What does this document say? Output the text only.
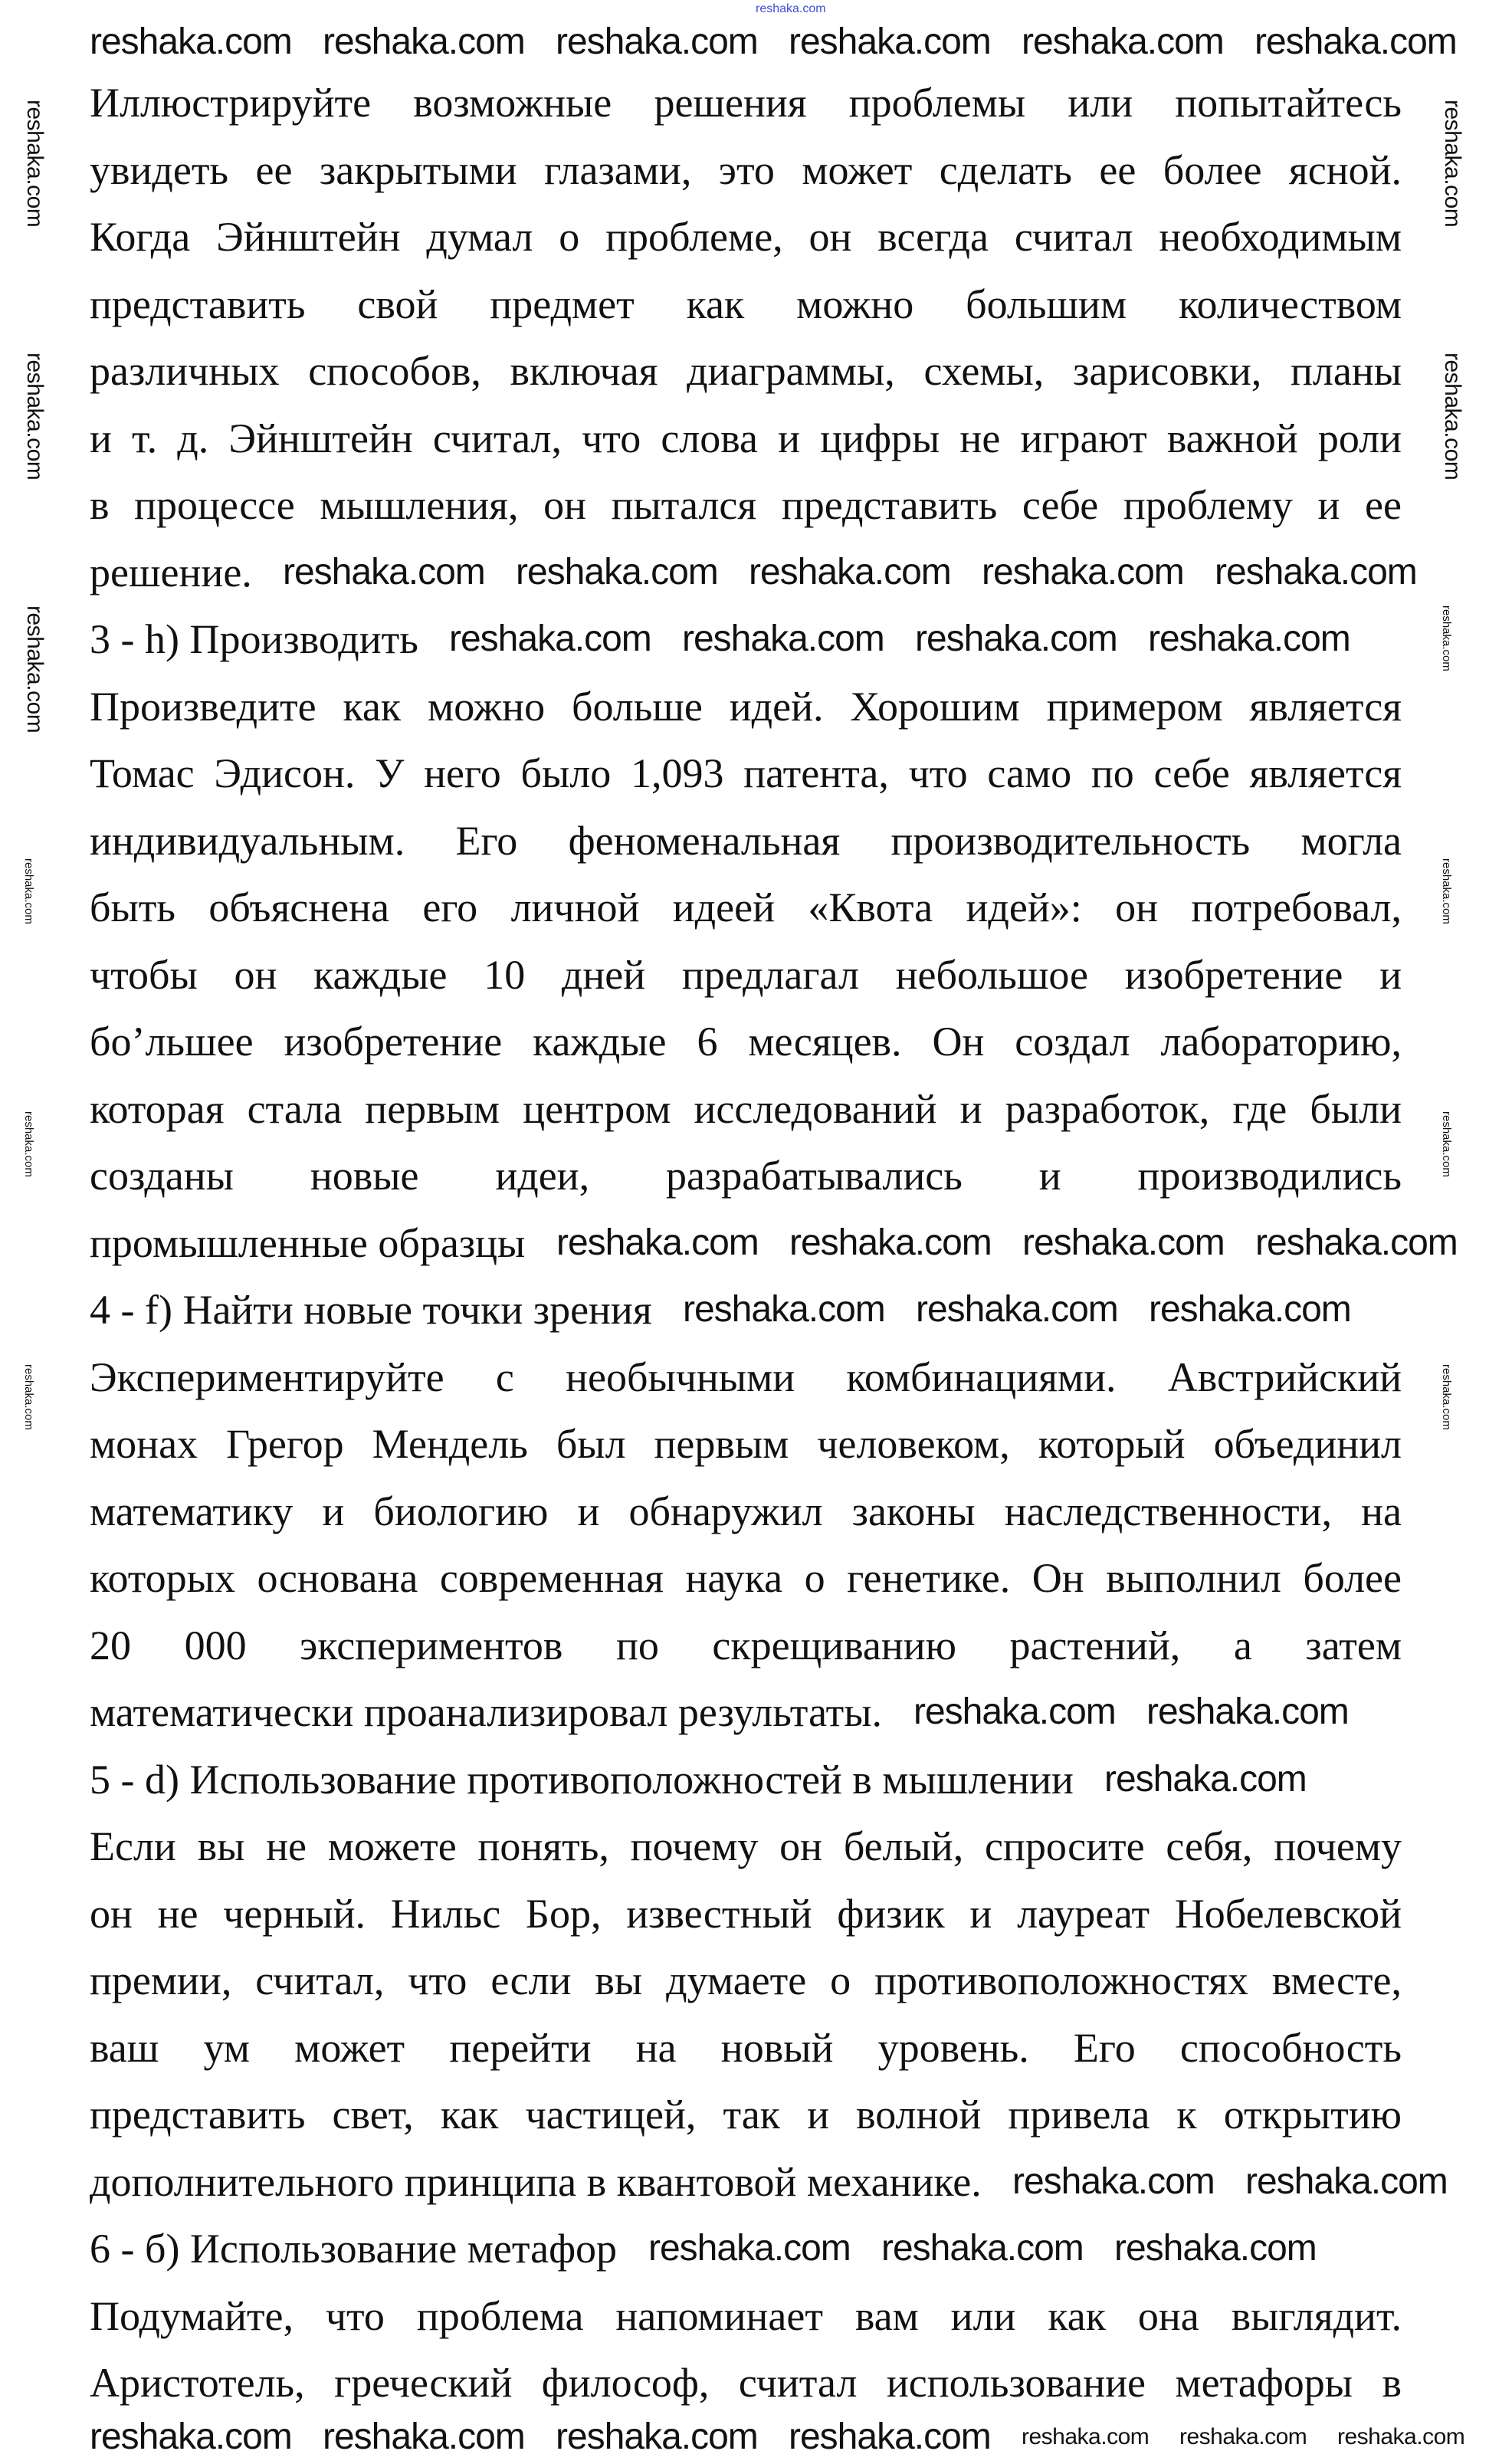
Иллюстрируйте возможные решения проблемы или попытайтесь
увидеть ее закрытыми глазами, это может сделать ее более ясной.
Когда Эйнштейн думал о проблеме, он всегда считал необходимым
представить свой предмет как можно большим количеством
различных способов, включая диаграммы, схемы, зарисовки, планы
и т. д. Эйнштейн считал, что слова и цифры не играют важной роли
в процессе мышления, он пытался представить себе проблему и ее
решение.
3 - h) Производить
Произведите как можно больше идей. Хорошим примером является
Томас Эдисон. У него было 1,093 патента, что само по себе является
индивидуальным. Его феноменальная производительность могла
быть объяснена его личной идеей «Квота идей»: он потребовал,
чтобы он каждые 10 дней предлагал небольшое изобретение и
бо’льшее изобретение каждые 6 месяцев. Он создал лабораторию,
которая стала первым центром исследований и разработок, где были
созданы новые идеи, разрабатывались и производились
промышленные образцы
4 - f) Найти новые точки зрения
Экспериментируйте с необычными комбинациями. Австрийский
монах Грегор Мендель был первым человеком, который объединил
математику и биологию и обнаружил законы наследственности, на
которых основана современная наука о генетике. Он выполнил более
20 000 экспериментов по скрещиванию растений, а затем
математически проанализировал результаты.
5 - d) Использование противоположностей в мышлении
Если вы не можете понять, почему он белый, спросите себя, почему
он не черный. Нильс Бор, известный физик и лауреат Нобелевской
премии, считал, что если вы думаете о противоположностях вместе,
ваш ум может перейти на новый уровень. Его способность
представить свет, как частицей, так и волной привела к открытию
дополнительного принципа в квантовой механике.
6 - б) Использование метафор
Подумайте, что проблема напоминает вам или как она выглядит.
Аристотель, греческий философ, считал использование метафоры в
reshaka.com
reshaka.com reshaka.com reshaka.com reshaka.com reshaka.com reshaka.com
reshaka.com reshaka.com reshaka.com reshaka.com reshaka.com
reshaka.com reshaka.com reshaka.com reshaka.com
reshaka.com reshaka.com reshaka.com reshaka.com
reshaka.com reshaka.com reshaka.com
reshaka.com reshaka.com
reshaka.com
reshaka.com reshaka.com
reshaka.com reshaka.com reshaka.com
reshaka.com reshaka.com reshaka.com reshaka.com reshaka.com reshaka.com reshaka.com
reshaka.com	reshaka.com
reshaka.com	reshaka.com
reshaka.com	reshaka.com
reshaka.com	reshaka.com
reshaka.com	reshaka.com
reshaka.com	reshaka.com
